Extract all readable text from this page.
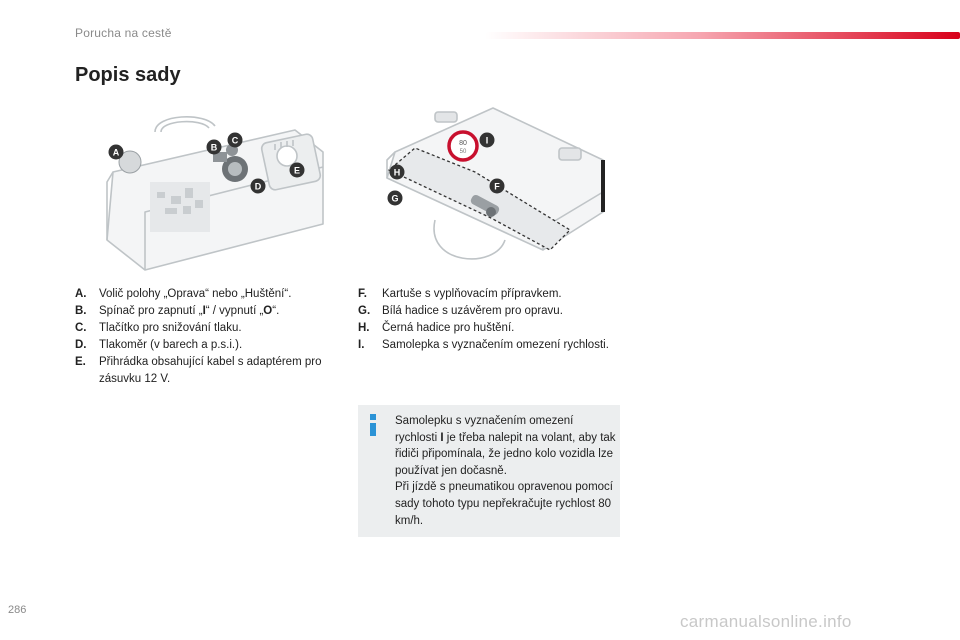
Porucha na cestě
Popis sady
A	B
C
D
E
80
50
I
H
F
G
A. Volič polohy „Oprava“ nebo „Huštění“.
B. Spínač pro zapnutí „I“ / vypnutí „O“.
C. Tlačítko pro snižování tlaku.
D. Tlakoměr (v barech a p.s.i.).
E. Přihrádka obsahující kabel s adaptérem pro zásuvku 12 V.
F. Kartuše s vyplňovacím přípravkem.
G. Bílá hadice s uzávěrem pro opravu.
H. Černá hadice pro huštění.
I. Samolepka s vyznačením omezení rychlosti.

Samolepku s vyznačením omezení rychlosti I je třeba nalepit na volant, aby tak řidiči připomínala, že jedno kolo vozidla lze používat jen dočasně.
Při jízdě s pneumatikou opravenou pomocí sady tohoto typu nepřekračujte rychlost 80 km/h.

286
carmanualsonline.info
